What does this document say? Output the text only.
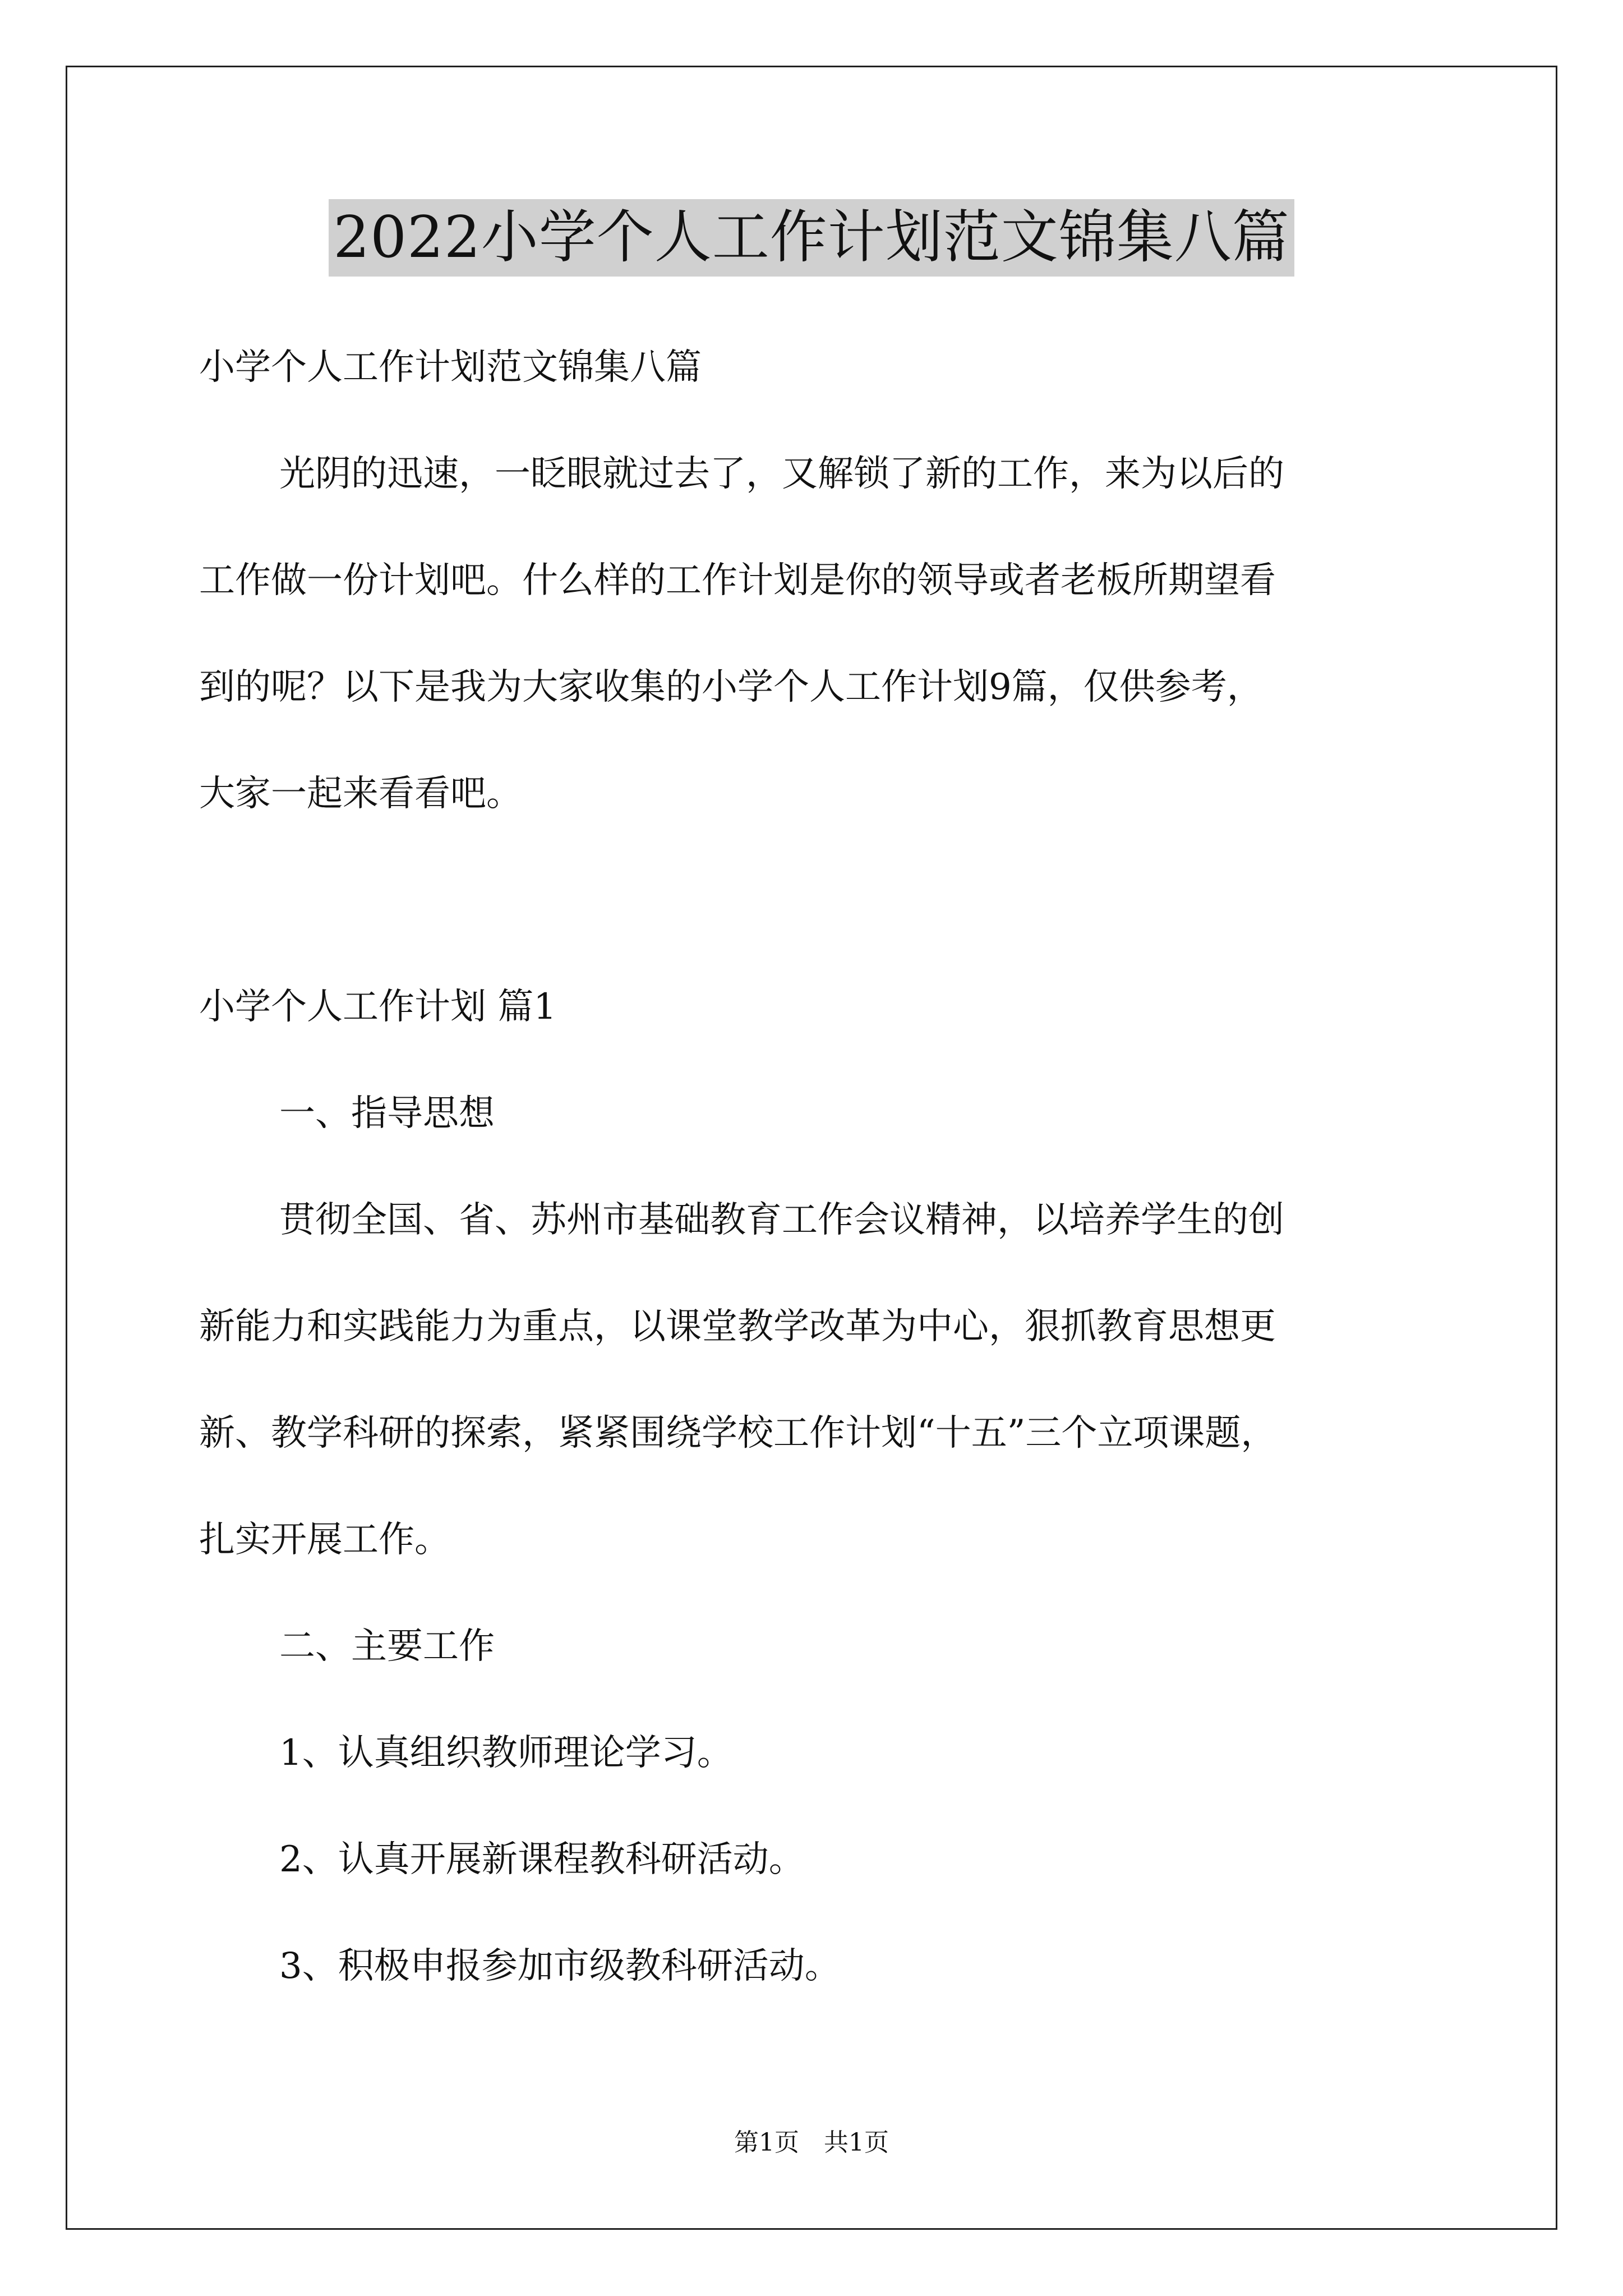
2022小学个人工作计划范文锦集八篇

小学个人工作计划范文锦集八篇

光阴的迅速，一眨眼就过去了，又解锁了新的工作，来为以后的

工作做一份计划吧。什么样的工作计划是你的领导或者老板所期望看

到的呢？以下是我为大家收集的小学个人工作计划9篇，仅供参考，

大家一起来看看吧。

小学个人工作计划 篇1

一、指导思想

贯彻全国、省、苏州市基础教育工作会议精神，以培养学生的创

新能力和实践能力为重点，以课堂教学改革为中心，狠抓教育思想更

新、教学科研的探索，紧紧围绕学校工作计划“十五”三个立项课题，

扎实开展工作。

二、主要工作

1、认真组织教师理论学习。

2、认真开展新课程教科研活动。

3、积极申报参加市级教科研活动。

第1页　共1页
